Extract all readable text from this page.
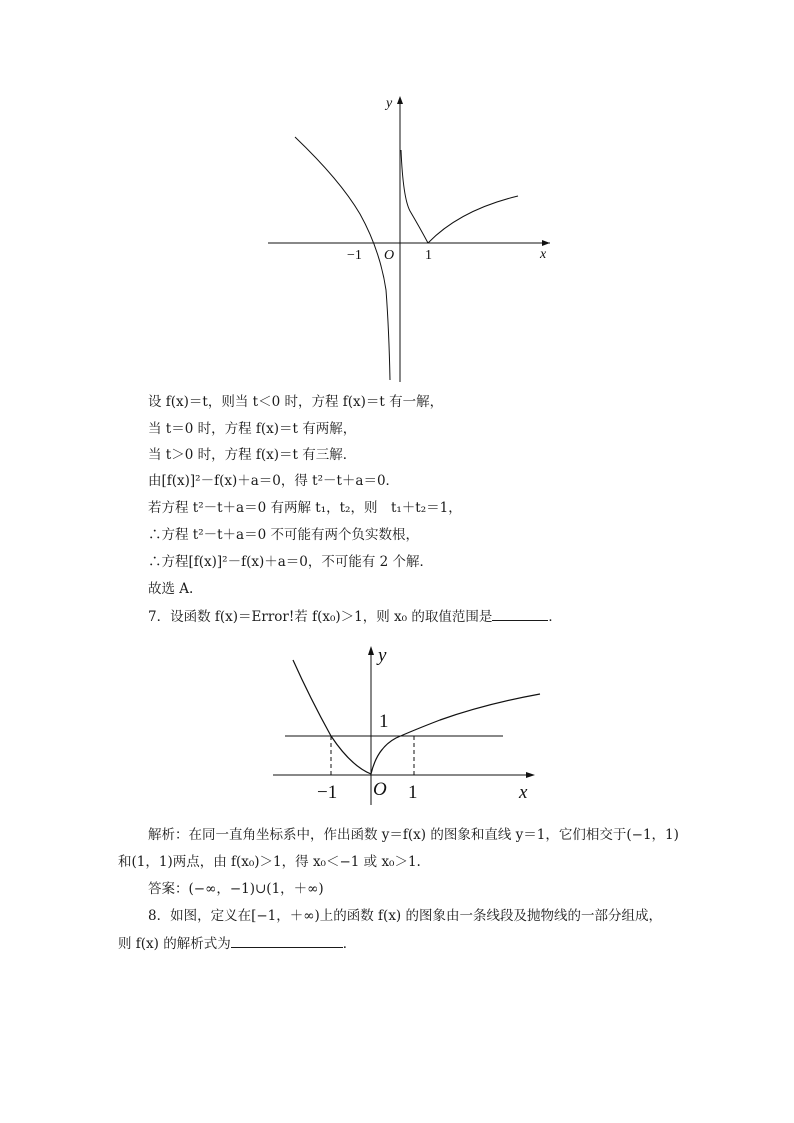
y
x
O
−1	1
设 f(x)＝t，则当 t＜0 时，方程 f(x)＝t 有一解，
当 t＝0 时，方程 f(x)＝t 有两解，
当 t＞0 时，方程 f(x)＝t 有三解．
由[f(x)]²－f(x)＋a＝0，得 t²－t＋a＝0．
若方程 t²－t＋a＝0 有两解 t₁，t₂，则　t₁＋t₂＝1，
∴方程 t²－t＋a＝0 不可能有两个负实数根，
∴方程[f(x)]²－f(x)＋a＝0，不可能有 2 个解．
故选 A.
7．设函数 f(x)＝Error!若 f(x₀)＞1，则 x₀ 的取值范围是	．
y
1
−1 O 1	x
解析：在同一直角坐标系中，作出函数 y＝f(x) 的图象和直线 y＝1，它们相交于(−1，1)
和(1，1)两点，由 f(x₀)＞1，得 x₀＜−1 或 x₀＞1.
答案：(−∞，−1)∪(1，＋∞)
8．如图，定义在[−1，＋∞)上的函数 f(x) 的图象由一条线段及抛物线的一部分组成，
则 f(x) 的解析式为	．
